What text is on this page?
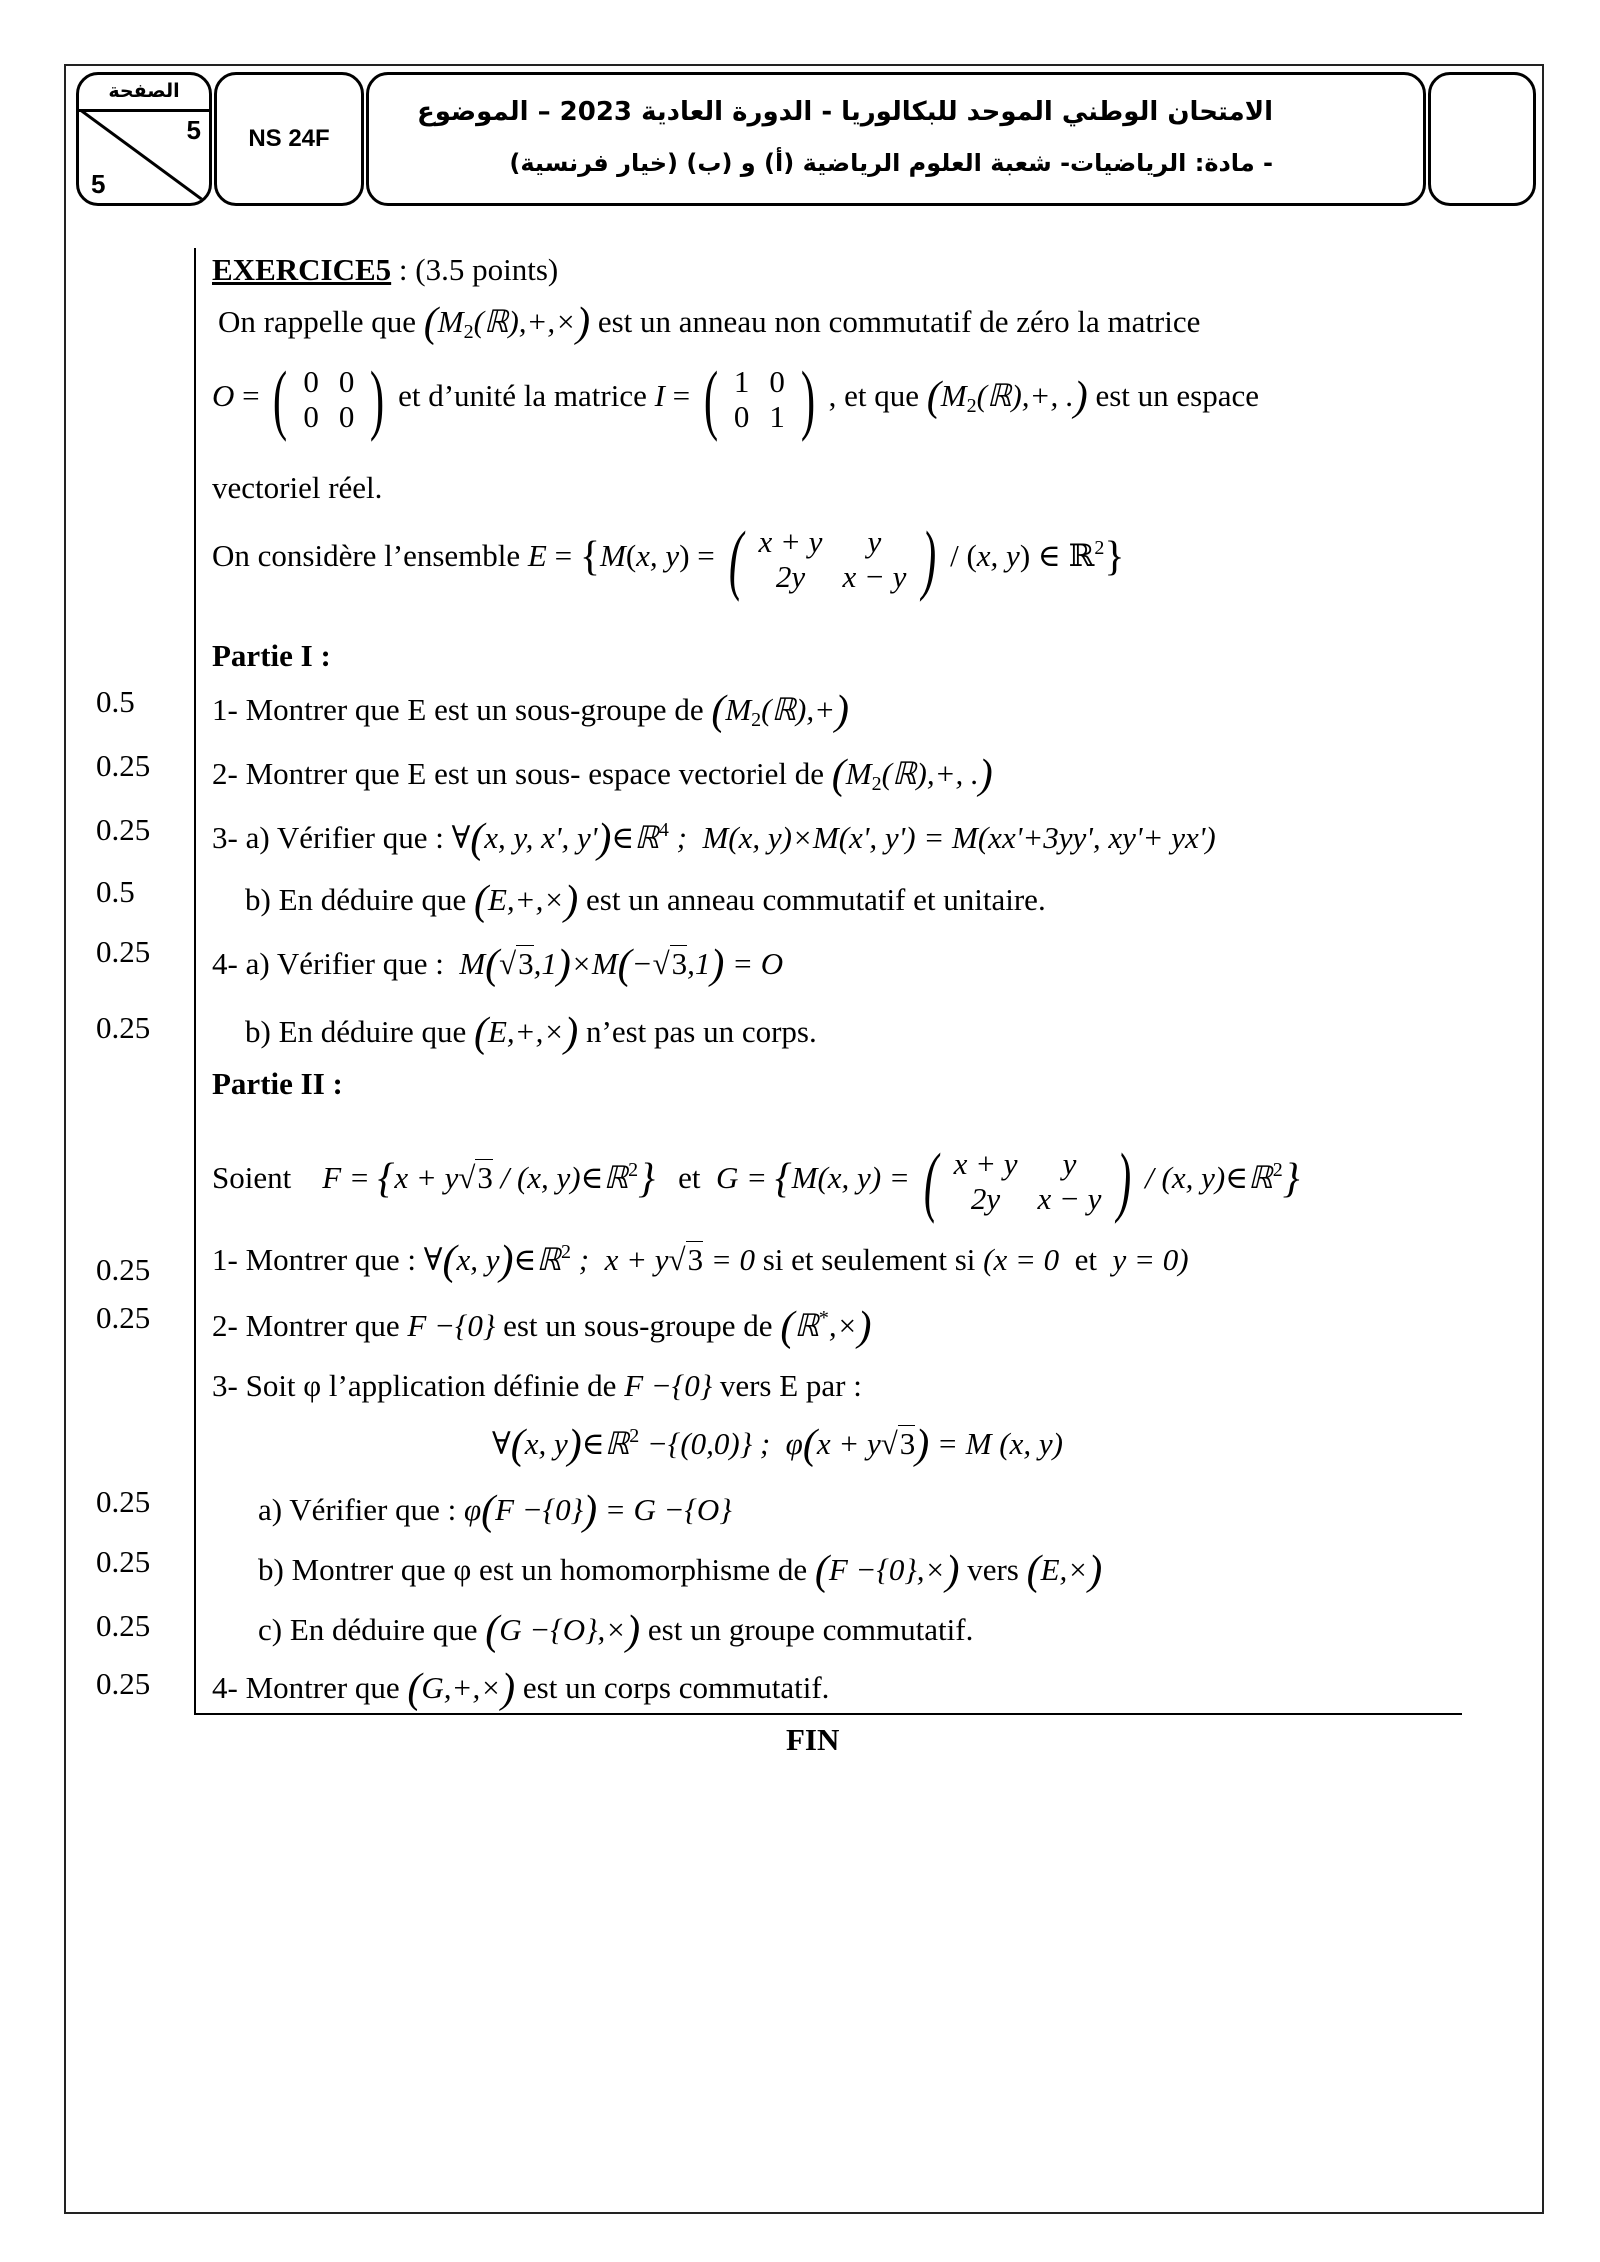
الصفحة
5
5
NS 24F
الامتحان الوطني الموحد للبكالوريا - الدورة العادية 2023 – الموضوع
- مادة: الرياضيات- شعبة العلوم الرياضية (أ) و (ب) (خيار فرنسية)
EXERCICE5 : (3.5 points)
On rappelle que $(M_2(ℝ),+,\times)$ est un anneau non commutatif de zéro la matrice
O = ( 0	0
0	0 ) et d’unité la matrice I = ( 1	0
0	1 ) , et que ($M_2(ℝ),+$, .) est un espace
vectoriel réel.
On considère l’ensemble E = {M(x, y) = ( x + y	y
2y	x − y ) / (x, y) ∈ ℝ$^2$}
Partie I :
0.5 1- Montrer que E est un sous-groupe de $(M_2(ℝ),+)$
0.25 2- Montrer que E est un sous- espace vectoriel de ($M_2(ℝ),+$, .)
0.25 3- a) Vérifier que : ∀(x, y, x', y')∈ℝ$^4$ ;  M(x, y)×M(x', y') = M(xx'+3yy', xy'+ yx')
0.5	b) En déduire que (E,+,×) est un anneau commutatif et unitaire.
0.25 4- a) Vérifier que :  M(√3,1)×M(−√3,1) = O
0.25	b) En déduire que (E,+,×) n’est pas un corps.
Partie II :
Soient F = {x + y√3 / (x, y)∈ℝ$^2$} et G = {M(x, y) = ( x + y	y
2y	x − y ) / (x, y)∈ℝ$^2$}
0.25 1- Montrer que : ∀(x, y)∈ℝ$^2$ ;  x + y√3 = 0 si et seulement si (x = 0  et  y = 0)
0.25 2- Montrer que F −{0} est un sous-groupe de (ℝ*,×)
3- Soit φ l’application définie de F −{0} vers E par :
∀(x, y)∈ℝ$^2$ −{(0,0)} ;  φ(x + y√3) = M (x, y)
0.25	a) Vérifier que : φ(F −{0}) = G −{O}
0.25	b) Montrer que φ est un homomorphisme de (F −{0},×) vers (E,×)
0.25	c) En déduire que (G −{O},×) est un groupe commutatif.
0.25 4- Montrer que (G,+,×) est un corps commutatif.
FIN
